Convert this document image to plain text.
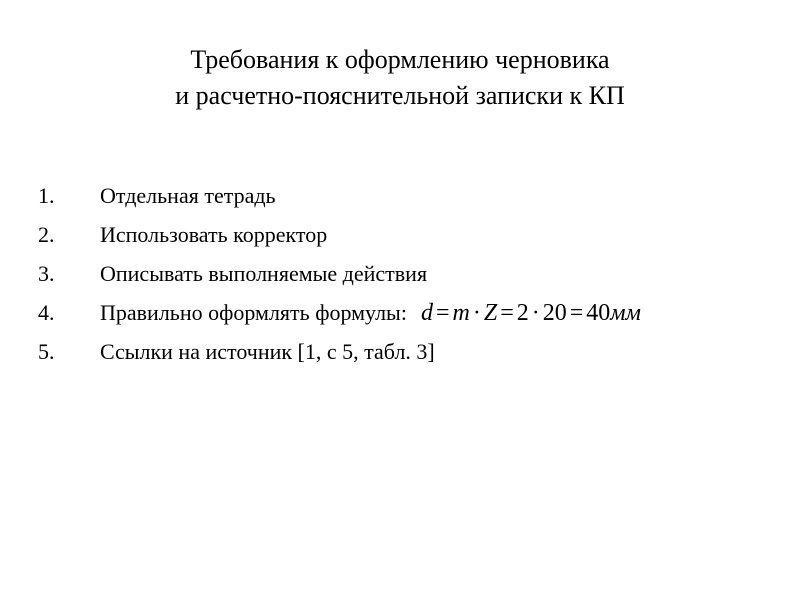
Требования к оформлению черновика
и расчетно-пояснительной записки к КП
1. Отдельная тетрадь
2. Использовать корректор
3. Описывать выполняемые действия
4. Правильно оформлять формулы: d = m · Z = 2 · 20 = 40мм
5. Ссылки на источник [1, с 5, табл. 3]
